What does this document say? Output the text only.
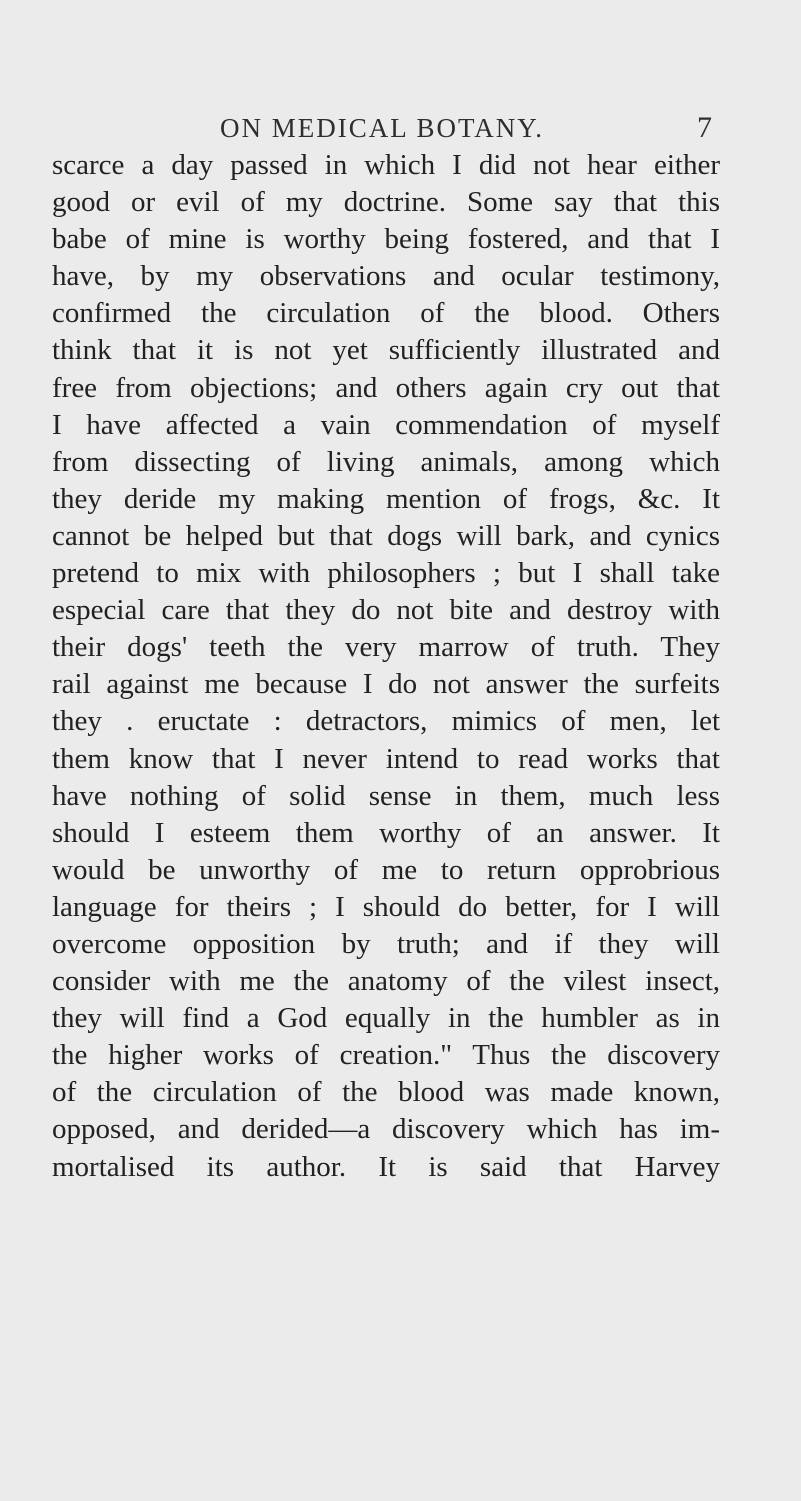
ON MEDICAL BOTANY.	7
scarce a day passed in which I did not hear either
good or evil of my doctrine. Some say that this
babe of mine is worthy being fostered, and that I
have, by my observations and ocular testimony,
confirmed the circulation of the blood. Others
think that it is not yet sufficiently illustrated and
free from objections; and others again cry out that
I have affected a vain commendation of myself
from dissecting of living animals, among which
they deride my making mention of frogs, &c. It
cannot be helped but that dogs will bark, and cynics
pretend to mix with philosophers ; but I shall take
especial care that they do not bite and destroy with
their dogs' teeth the very marrow of truth. They
rail against me because I do not answer the surfeits
they . eructate : detractors, mimics of men, let
them know that I never intend to read works that
have nothing of solid sense in them, much less
should I esteem them worthy of an answer. It
would be unworthy of me to return opprobrious
language for theirs ; I should do better, for I will
overcome opposition by truth; and if they will
consider with me the anatomy of the vilest insect,
they will find a God equally in the humbler as in
the higher works of creation." Thus the discovery
of the circulation of the blood was made known,
opposed, and derided—a discovery which has im-
mortalised its author. It is said that Harvey
